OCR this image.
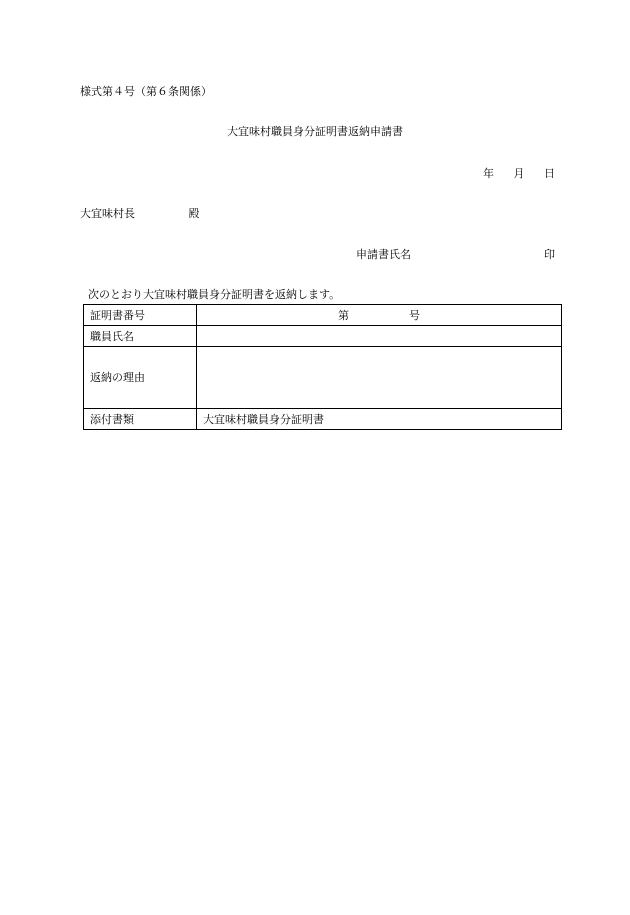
様式第４号（第６条関係）
大宜味村職員身分証明書返納申請書
年 月 日
大宜味村長	殿
申請書氏名	印
次のとおり大宜味村職員身分証明書を返納します。
証明書番号	第 号
職員氏名	
返納の理由	
添付書類	大宜味村職員身分証明書
